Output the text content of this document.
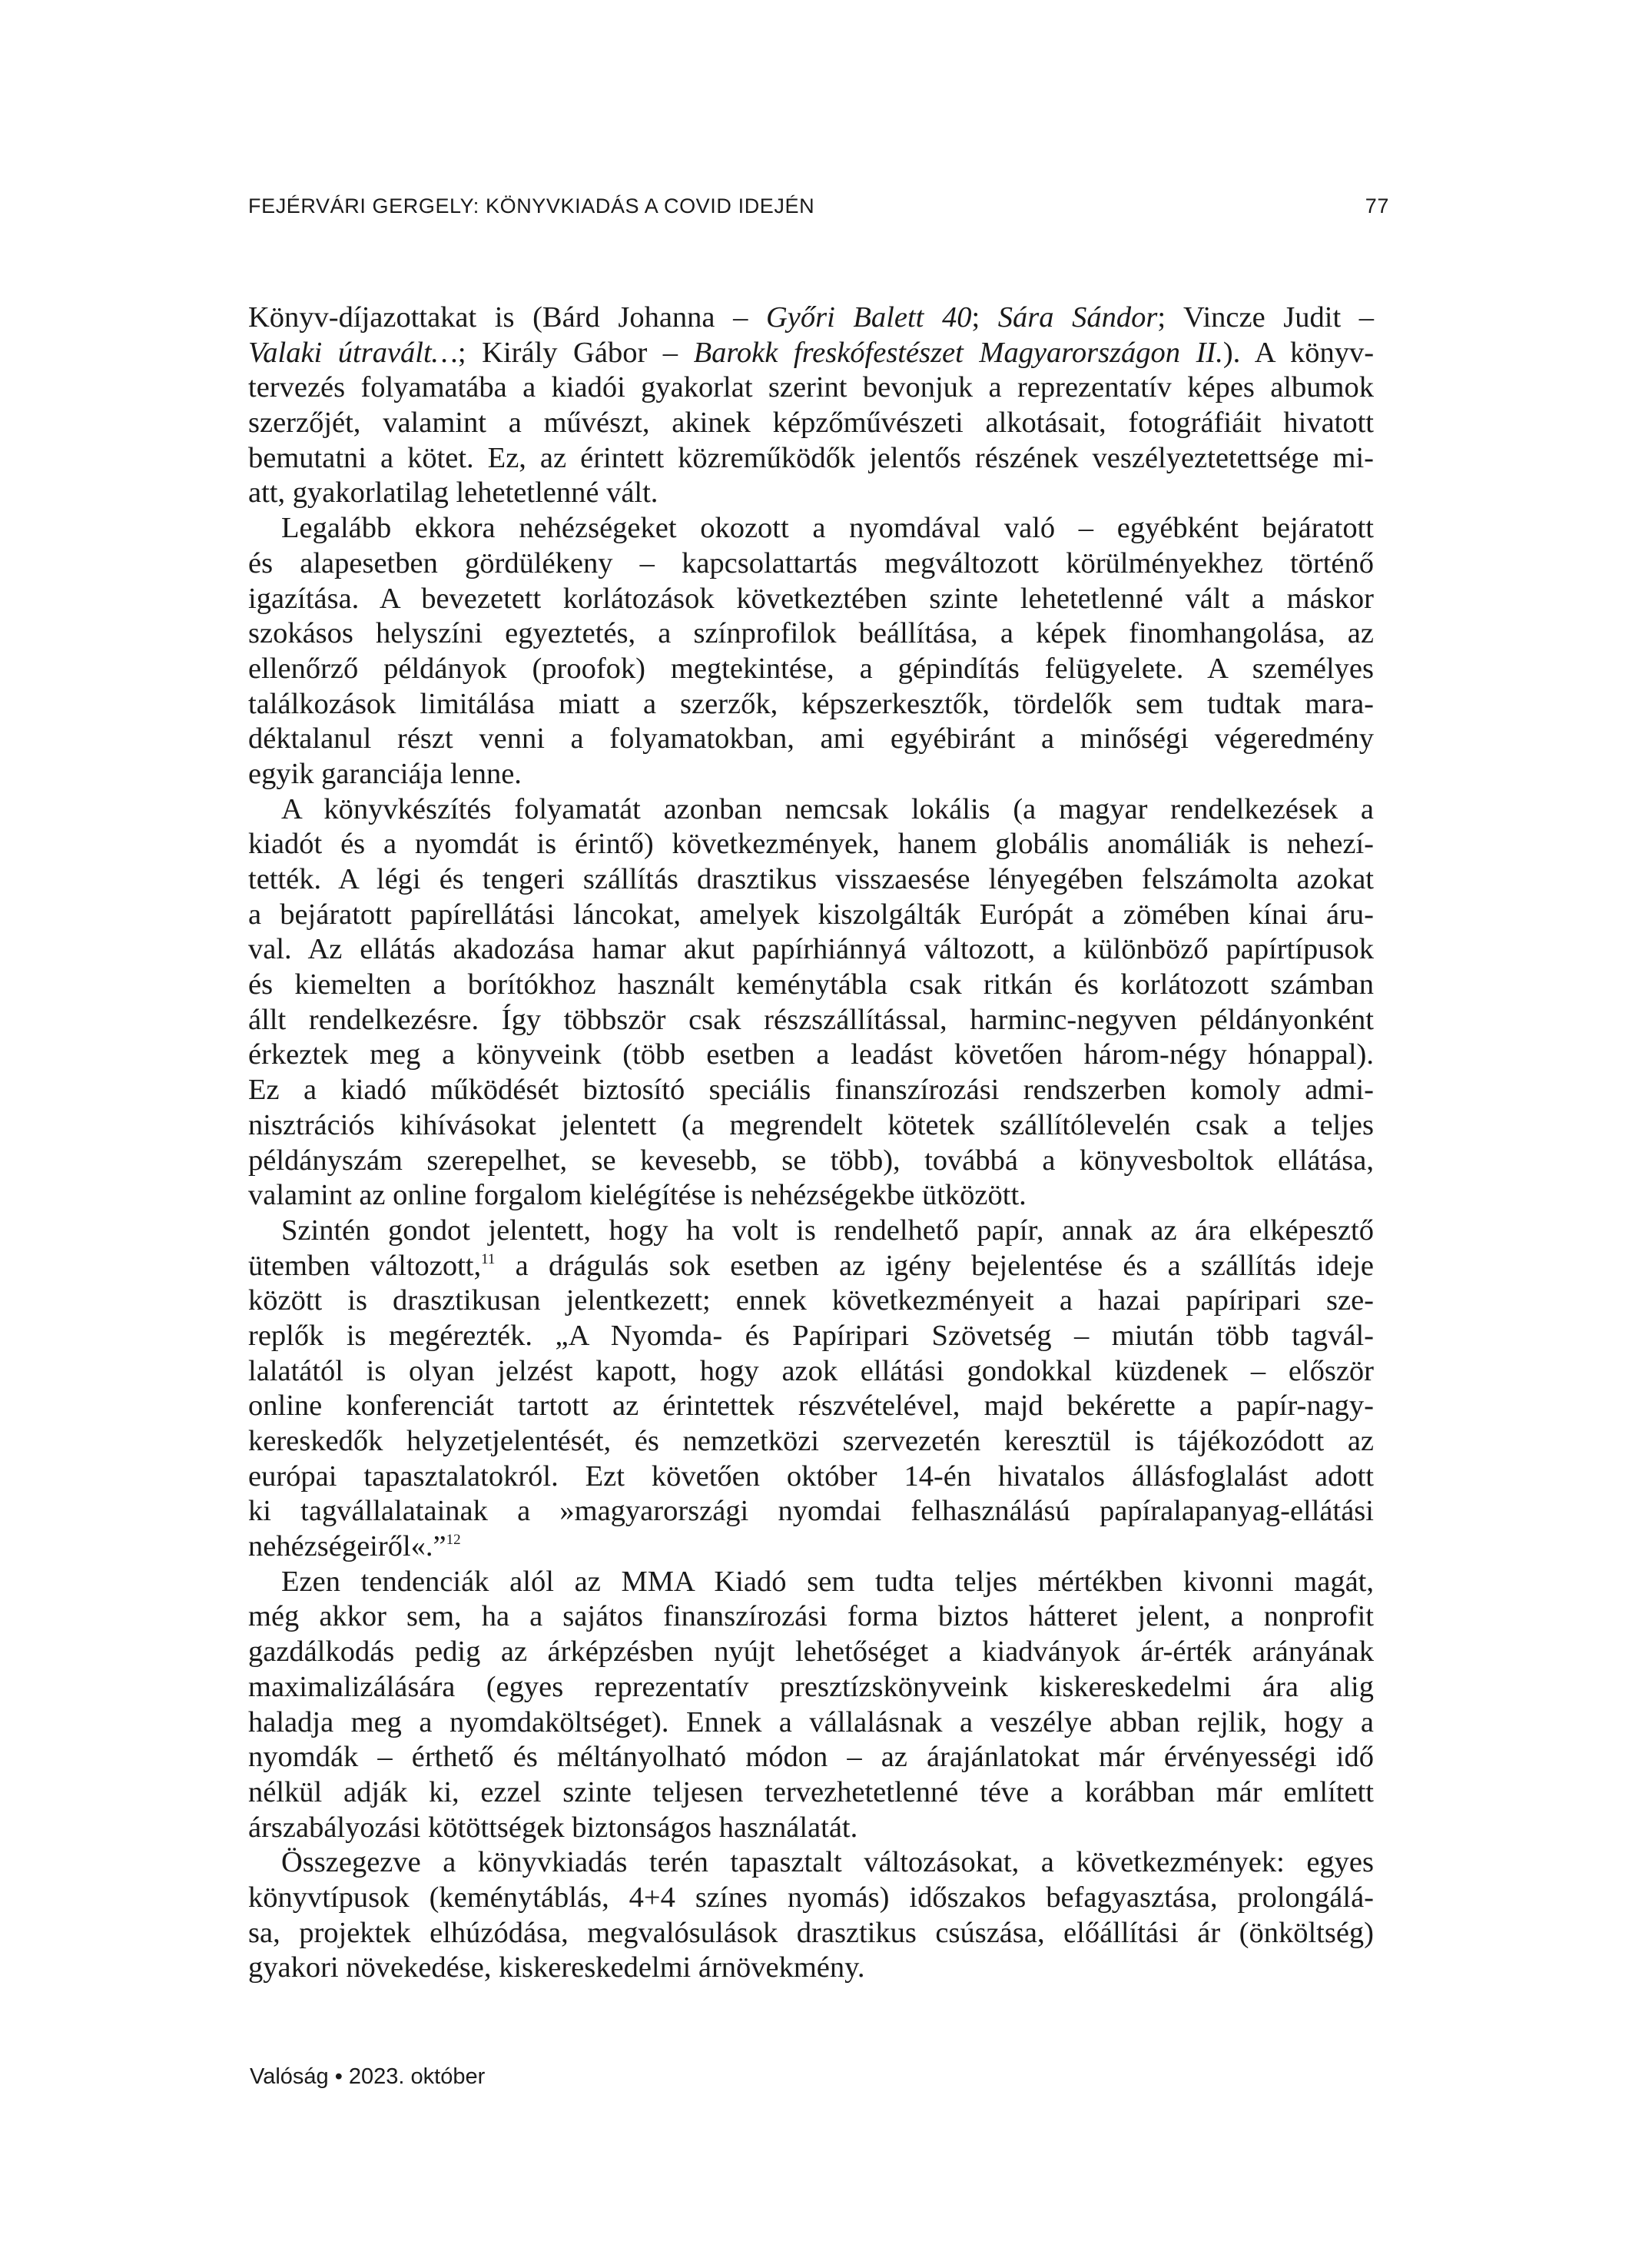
FEJÉRVÁRI GERGELY: KÖNYVKIADÁS A COVID IDEJÉN	77
Könyv-díjazottakat is (Bárd Johanna – Győri Balett 40; Sára Sándor; Vincze Judit –
Valaki útravált…; Király Gábor – Barokk freskófestészet Magyarországon II.). A könyv-
tervezés folyamatába a kiadói gyakorlat szerint bevonjuk a reprezentatív képes albumok
szerzőjét, valamint a művészt, akinek képzőművészeti alkotásait, fotográfiáit hivatott
bemutatni a kötet. Ez, az érintett közreműködők jelentős részének veszélyeztetettsége mi-
att, gyakorlatilag lehetetlenné vált.
Legalább ekkora nehézségeket okozott a nyomdával való – egyébként bejáratott
és alapesetben gördülékeny – kapcsolattartás megváltozott körülményekhez történő
igazítása. A bevezetett korlátozások következtében szinte lehetetlenné vált a máskor
szokásos helyszíni egyeztetés, a színprofilok beállítása, a képek finomhangolása, az
ellenőrző példányok (proofok) megtekintése, a gépindítás felügyelete. A személyes
találkozások limitálása miatt a szerzők, képszerkesztők, tördelők sem tudtak mara-
déktalanul részt venni a folyamatokban, ami egyébiránt a minőségi végeredmény
egyik garanciája lenne.
A könyvkészítés folyamatát azonban nemcsak lokális (a magyar rendelkezések a
kiadót és a nyomdát is érintő) következmények, hanem globális anomáliák is nehezí-
tették. A légi és tengeri szállítás drasztikus visszaesése lényegében felszámolta azokat
a bejáratott papírellátási láncokat, amelyek kiszolgálták Európát a zömében kínai áru-
val. Az ellátás akadozása hamar akut papírhiánnyá változott, a különböző papírtípusok
és kiemelten a borítókhoz használt keménytábla csak ritkán és korlátozott számban
állt rendelkezésre. Így többször csak részszállítással, harminc-negyven példányonként
érkeztek meg a könyveink (több esetben a leadást követően három-négy hónappal).
Ez a kiadó működését biztosító speciális finanszírozási rendszerben komoly admi-
nisztrációs kihívásokat jelentett (a megrendelt kötetek szállítólevelén csak a teljes
példányszám szerepelhet, se kevesebb, se több), továbbá a könyvesboltok ellátása,
valamint az online forgalom kielégítése is nehézségekbe ütközött.
Szintén gondot jelentett, hogy ha volt is rendelhető papír, annak az ára elképesztő
ütemben változott,$^{11}$ a drágulás sok esetben az igény bejelentése és a szállítás ideje
között is drasztikusan jelentkezett; ennek következményeit a hazai papíripari sze-
replők is megérezték. „A Nyomda- és Papíripari Szövetség – miután több tagvál-
lalatától is olyan jelzést kapott, hogy azok ellátási gondokkal küzdenek – először
online konferenciát tartott az érintettek részvételével, majd bekérette a papír-nagy-
kereskedők helyzetjelentését, és nemzetközi szervezetén keresztül is tájékozódott az
európai tapasztalatokról. Ezt követően október 14-én hivatalos állásfoglalást adott
ki tagvállalatainak a »magyarországi nyomdai felhasználású papíralapanyag-ellátási
nehézségeiről«.”$^{12}$
Ezen tendenciák alól az MMA Kiadó sem tudta teljes mértékben kivonni magát,
még akkor sem, ha a sajátos finanszírozási forma biztos hátteret jelent, a nonprofit
gazdálkodás pedig az árképzésben nyújt lehetőséget a kiadványok ár-érték arányának
maximalizálására (egyes reprezentatív presztízskönyveink kiskereskedelmi ára alig
haladja meg a nyomdaköltséget). Ennek a vállalásnak a veszélye abban rejlik, hogy a
nyomdák – érthető és méltányolható módon – az árajánlatokat már érvényességi idő
nélkül adják ki, ezzel szinte teljesen tervezhetetlenné téve a korábban már említett
árszabályozási kötöttségek biztonságos használatát.
Összegezve a könyvkiadás terén tapasztalt változásokat, a következmények: egyes
könyvtípusok (keménytáblás, 4+4 színes nyomás) időszakos befagyasztása, prolongálá-
sa, projektek elhúzódása, megvalósulások drasztikus csúszása, előállítási ár (önköltség)
gyakori növekedése, kiskereskedelmi árnövekmény.
Valóság • 2023. október
